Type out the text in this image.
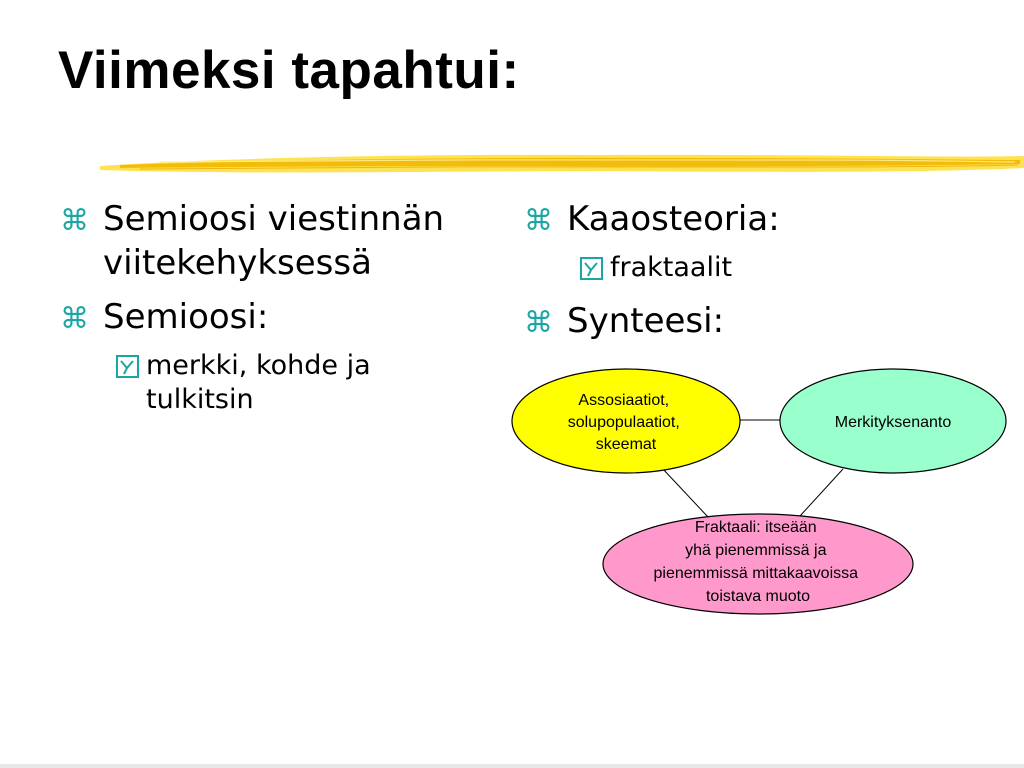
Viimeksi tapahtui:
⌘ Semioosi viestinnän viitekehyksessä
⌘ Semioosi:
merkki, kohde ja tulkitsin
⌘ Kaaosteoria:
fraktaalit
⌘ Synteesi:
Assosiaatiot, solupopulaatiot, skeemat
Merkityksenanto
Fraktaali: itseään yhä pienemmissä ja pienemmissä mittakaavoissa toistava muoto
